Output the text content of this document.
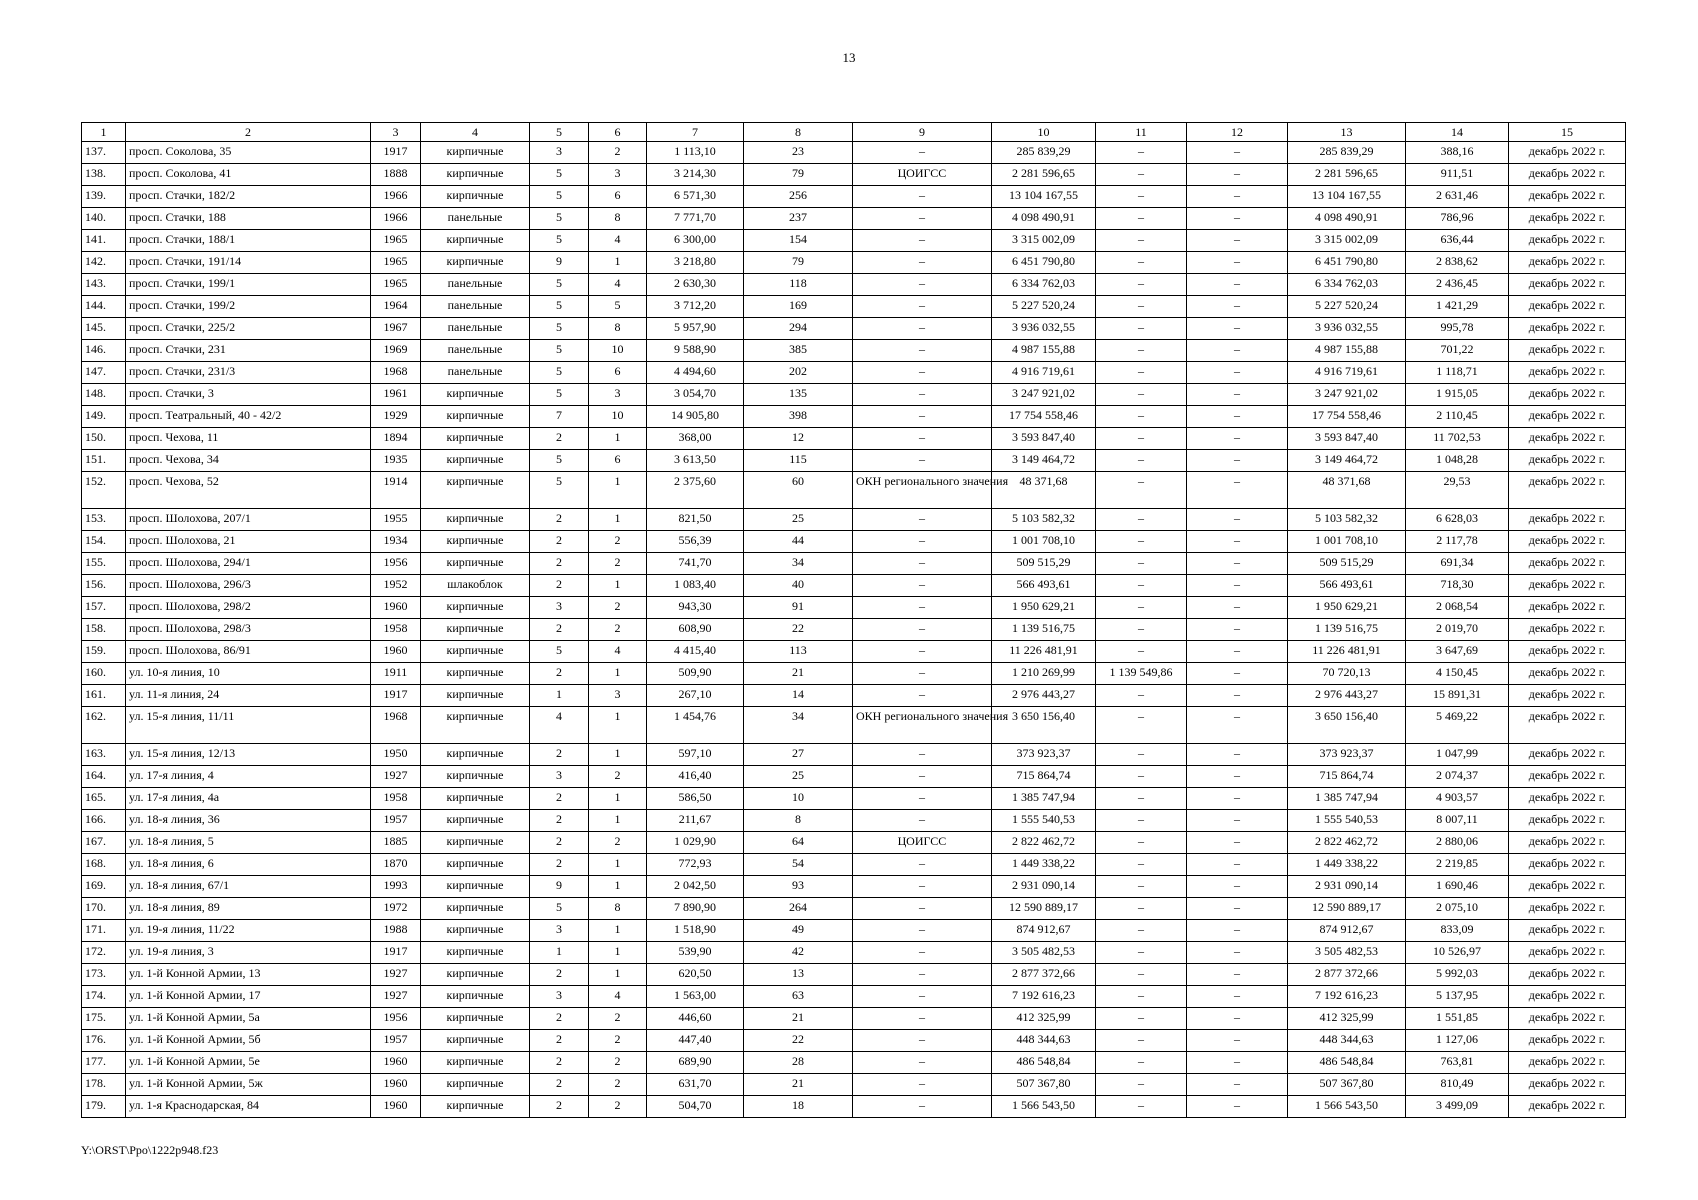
13
1	2	3	4	5	6	7	8	9	10	11	12	13	14	15
137.	просп. Соколова, 35	1917	кирпичные	3	2	1 113,10	23	–	285 839,29	–	–	285 839,29	388,16	декабрь 2022 г.
138.	просп. Соколова, 41	1888	кирпичные	5	3	3 214,30	79	ЦОИГСС	2 281 596,65	–	–	2 281 596,65	911,51	декабрь 2022 г.
139.	просп. Стачки, 182/2	1966	кирпичные	5	6	6 571,30	256	–	13 104 167,55	–	–	13 104 167,55	2 631,46	декабрь 2022 г.
140.	просп. Стачки, 188	1966	панельные	5	8	7 771,70	237	–	4 098 490,91	–	–	4 098 490,91	786,96	декабрь 2022 г.
141.	просп. Стачки, 188/1	1965	кирпичные	5	4	6 300,00	154	–	3 315 002,09	–	–	3 315 002,09	636,44	декабрь 2022 г.
142.	просп. Стачки, 191/14	1965	кирпичные	9	1	3 218,80	79	–	6 451 790,80	–	–	6 451 790,80	2 838,62	декабрь 2022 г.
143.	просп. Стачки, 199/1	1965	панельные	5	4	2 630,30	118	–	6 334 762,03	–	–	6 334 762,03	2 436,45	декабрь 2022 г.
144.	просп. Стачки, 199/2	1964	панельные	5	5	3 712,20	169	–	5 227 520,24	–	–	5 227 520,24	1 421,29	декабрь 2022 г.
145.	просп. Стачки, 225/2	1967	панельные	5	8	5 957,90	294	–	3 936 032,55	–	–	3 936 032,55	995,78	декабрь 2022 г.
146.	просп. Стачки, 231	1969	панельные	5	10	9 588,90	385	–	4 987 155,88	–	–	4 987 155,88	701,22	декабрь 2022 г.
147.	просп. Стачки, 231/3	1968	панельные	5	6	4 494,60	202	–	4 916 719,61	–	–	4 916 719,61	1 118,71	декабрь 2022 г.
148.	просп. Стачки, 3	1961	кирпичные	5	3	3 054,70	135	–	3 247 921,02	–	–	3 247 921,02	1 915,05	декабрь 2022 г.
149.	просп. Театральный, 40 - 42/2	1929	кирпичные	7	10	14 905,80	398	–	17 754 558,46	–	–	17 754 558,46	2 110,45	декабрь 2022 г.
150.	просп. Чехова, 11	1894	кирпичные	2	1	368,00	12	–	3 593 847,40	–	–	3 593 847,40	11 702,53	декабрь 2022 г.
151.	просп. Чехова, 34	1935	кирпичные	5	6	3 613,50	115	–	3 149 464,72	–	–	3 149 464,72	1 048,28	декабрь 2022 г.
152.	просп. Чехова, 52	1914	кирпичные	5	1	2 375,60	60	ОКН регионального значения	48 371,68	–	–	48 371,68	29,53	декабрь 2022 г.
153.	просп. Шолохова, 207/1	1955	кирпичные	2	1	821,50	25	–	5 103 582,32	–	–	5 103 582,32	6 628,03	декабрь 2022 г.
154.	просп. Шолохова, 21	1934	кирпичные	2	2	556,39	44	–	1 001 708,10	–	–	1 001 708,10	2 117,78	декабрь 2022 г.
155.	просп. Шолохова, 294/1	1956	кирпичные	2	2	741,70	34	–	509 515,29	–	–	509 515,29	691,34	декабрь 2022 г.
156.	просп. Шолохова, 296/3	1952	шлакоблок	2	1	1 083,40	40	–	566 493,61	–	–	566 493,61	718,30	декабрь 2022 г.
157.	просп. Шолохова, 298/2	1960	кирпичные	3	2	943,30	91	–	1 950 629,21	–	–	1 950 629,21	2 068,54	декабрь 2022 г.
158.	просп. Шолохова, 298/3	1958	кирпичные	2	2	608,90	22	–	1 139 516,75	–	–	1 139 516,75	2 019,70	декабрь 2022 г.
159.	просп. Шолохова, 86/91	1960	кирпичные	5	4	4 415,40	113	–	11 226 481,91	–	–	11 226 481,91	3 647,69	декабрь 2022 г.
160.	ул. 10-я линия, 10	1911	кирпичные	2	1	509,90	21	–	1 210 269,99	1 139 549,86	–	70 720,13	4 150,45	декабрь 2022 г.
161.	ул. 11-я линия, 24	1917	кирпичные	1	3	267,10	14	–	2 976 443,27	–	–	2 976 443,27	15 891,31	декабрь 2022 г.
162.	ул. 15-я линия, 11/11	1968	кирпичные	4	1	1 454,76	34	ОКН регионального значения	3 650 156,40	–	–	3 650 156,40	5 469,22	декабрь 2022 г.
163.	ул. 15-я линия, 12/13	1950	кирпичные	2	1	597,10	27	–	373 923,37	–	–	373 923,37	1 047,99	декабрь 2022 г.
164.	ул. 17-я линия, 4	1927	кирпичные	3	2	416,40	25	–	715 864,74	–	–	715 864,74	2 074,37	декабрь 2022 г.
165.	ул. 17-я линия, 4а	1958	кирпичные	2	1	586,50	10	–	1 385 747,94	–	–	1 385 747,94	4 903,57	декабрь 2022 г.
166.	ул. 18-я линия, 36	1957	кирпичные	2	1	211,67	8	–	1 555 540,53	–	–	1 555 540,53	8 007,11	декабрь 2022 г.
167.	ул. 18-я линия, 5	1885	кирпичные	2	2	1 029,90	64	ЦОИГСС	2 822 462,72	–	–	2 822 462,72	2 880,06	декабрь 2022 г.
168.	ул. 18-я линия, 6	1870	кирпичные	2	1	772,93	54	–	1 449 338,22	–	–	1 449 338,22	2 219,85	декабрь 2022 г.
169.	ул. 18-я линия, 67/1	1993	кирпичные	9	1	2 042,50	93	–	2 931 090,14	–	–	2 931 090,14	1 690,46	декабрь 2022 г.
170.	ул. 18-я линия, 89	1972	кирпичные	5	8	7 890,90	264	–	12 590 889,17	–	–	12 590 889,17	2 075,10	декабрь 2022 г.
171.	ул. 19-я линия, 11/22	1988	кирпичные	3	1	1 518,90	49	–	874 912,67	–	–	874 912,67	833,09	декабрь 2022 г.
172.	ул. 19-я линия, 3	1917	кирпичные	1	1	539,90	42	–	3 505 482,53	–	–	3 505 482,53	10 526,97	декабрь 2022 г.
173.	ул. 1-й Конной Армии, 13	1927	кирпичные	2	1	620,50	13	–	2 877 372,66	–	–	2 877 372,66	5 992,03	декабрь 2022 г.
174.	ул. 1-й Конной Армии, 17	1927	кирпичные	3	4	1 563,00	63	–	7 192 616,23	–	–	7 192 616,23	5 137,95	декабрь 2022 г.
175.	ул. 1-й Конной Армии, 5а	1956	кирпичные	2	2	446,60	21	–	412 325,99	–	–	412 325,99	1 551,85	декабрь 2022 г.
176.	ул. 1-й Конной Армии, 5б	1957	кирпичные	2	2	447,40	22	–	448 344,63	–	–	448 344,63	1 127,06	декабрь 2022 г.
177.	ул. 1-й Конной Армии, 5е	1960	кирпичные	2	2	689,90	28	–	486 548,84	–	–	486 548,84	763,81	декабрь 2022 г.
178.	ул. 1-й Конной Армии, 5ж	1960	кирпичные	2	2	631,70	21	–	507 367,80	–	–	507 367,80	810,49	декабрь 2022 г.
179.	ул. 1-я Краснодарская, 84	1960	кирпичные	2	2	504,70	18	–	1 566 543,50	–	–	1 566 543,50	3 499,09	декабрь 2022 г.
Y:\ORST\Ppo\1222p948.f23
